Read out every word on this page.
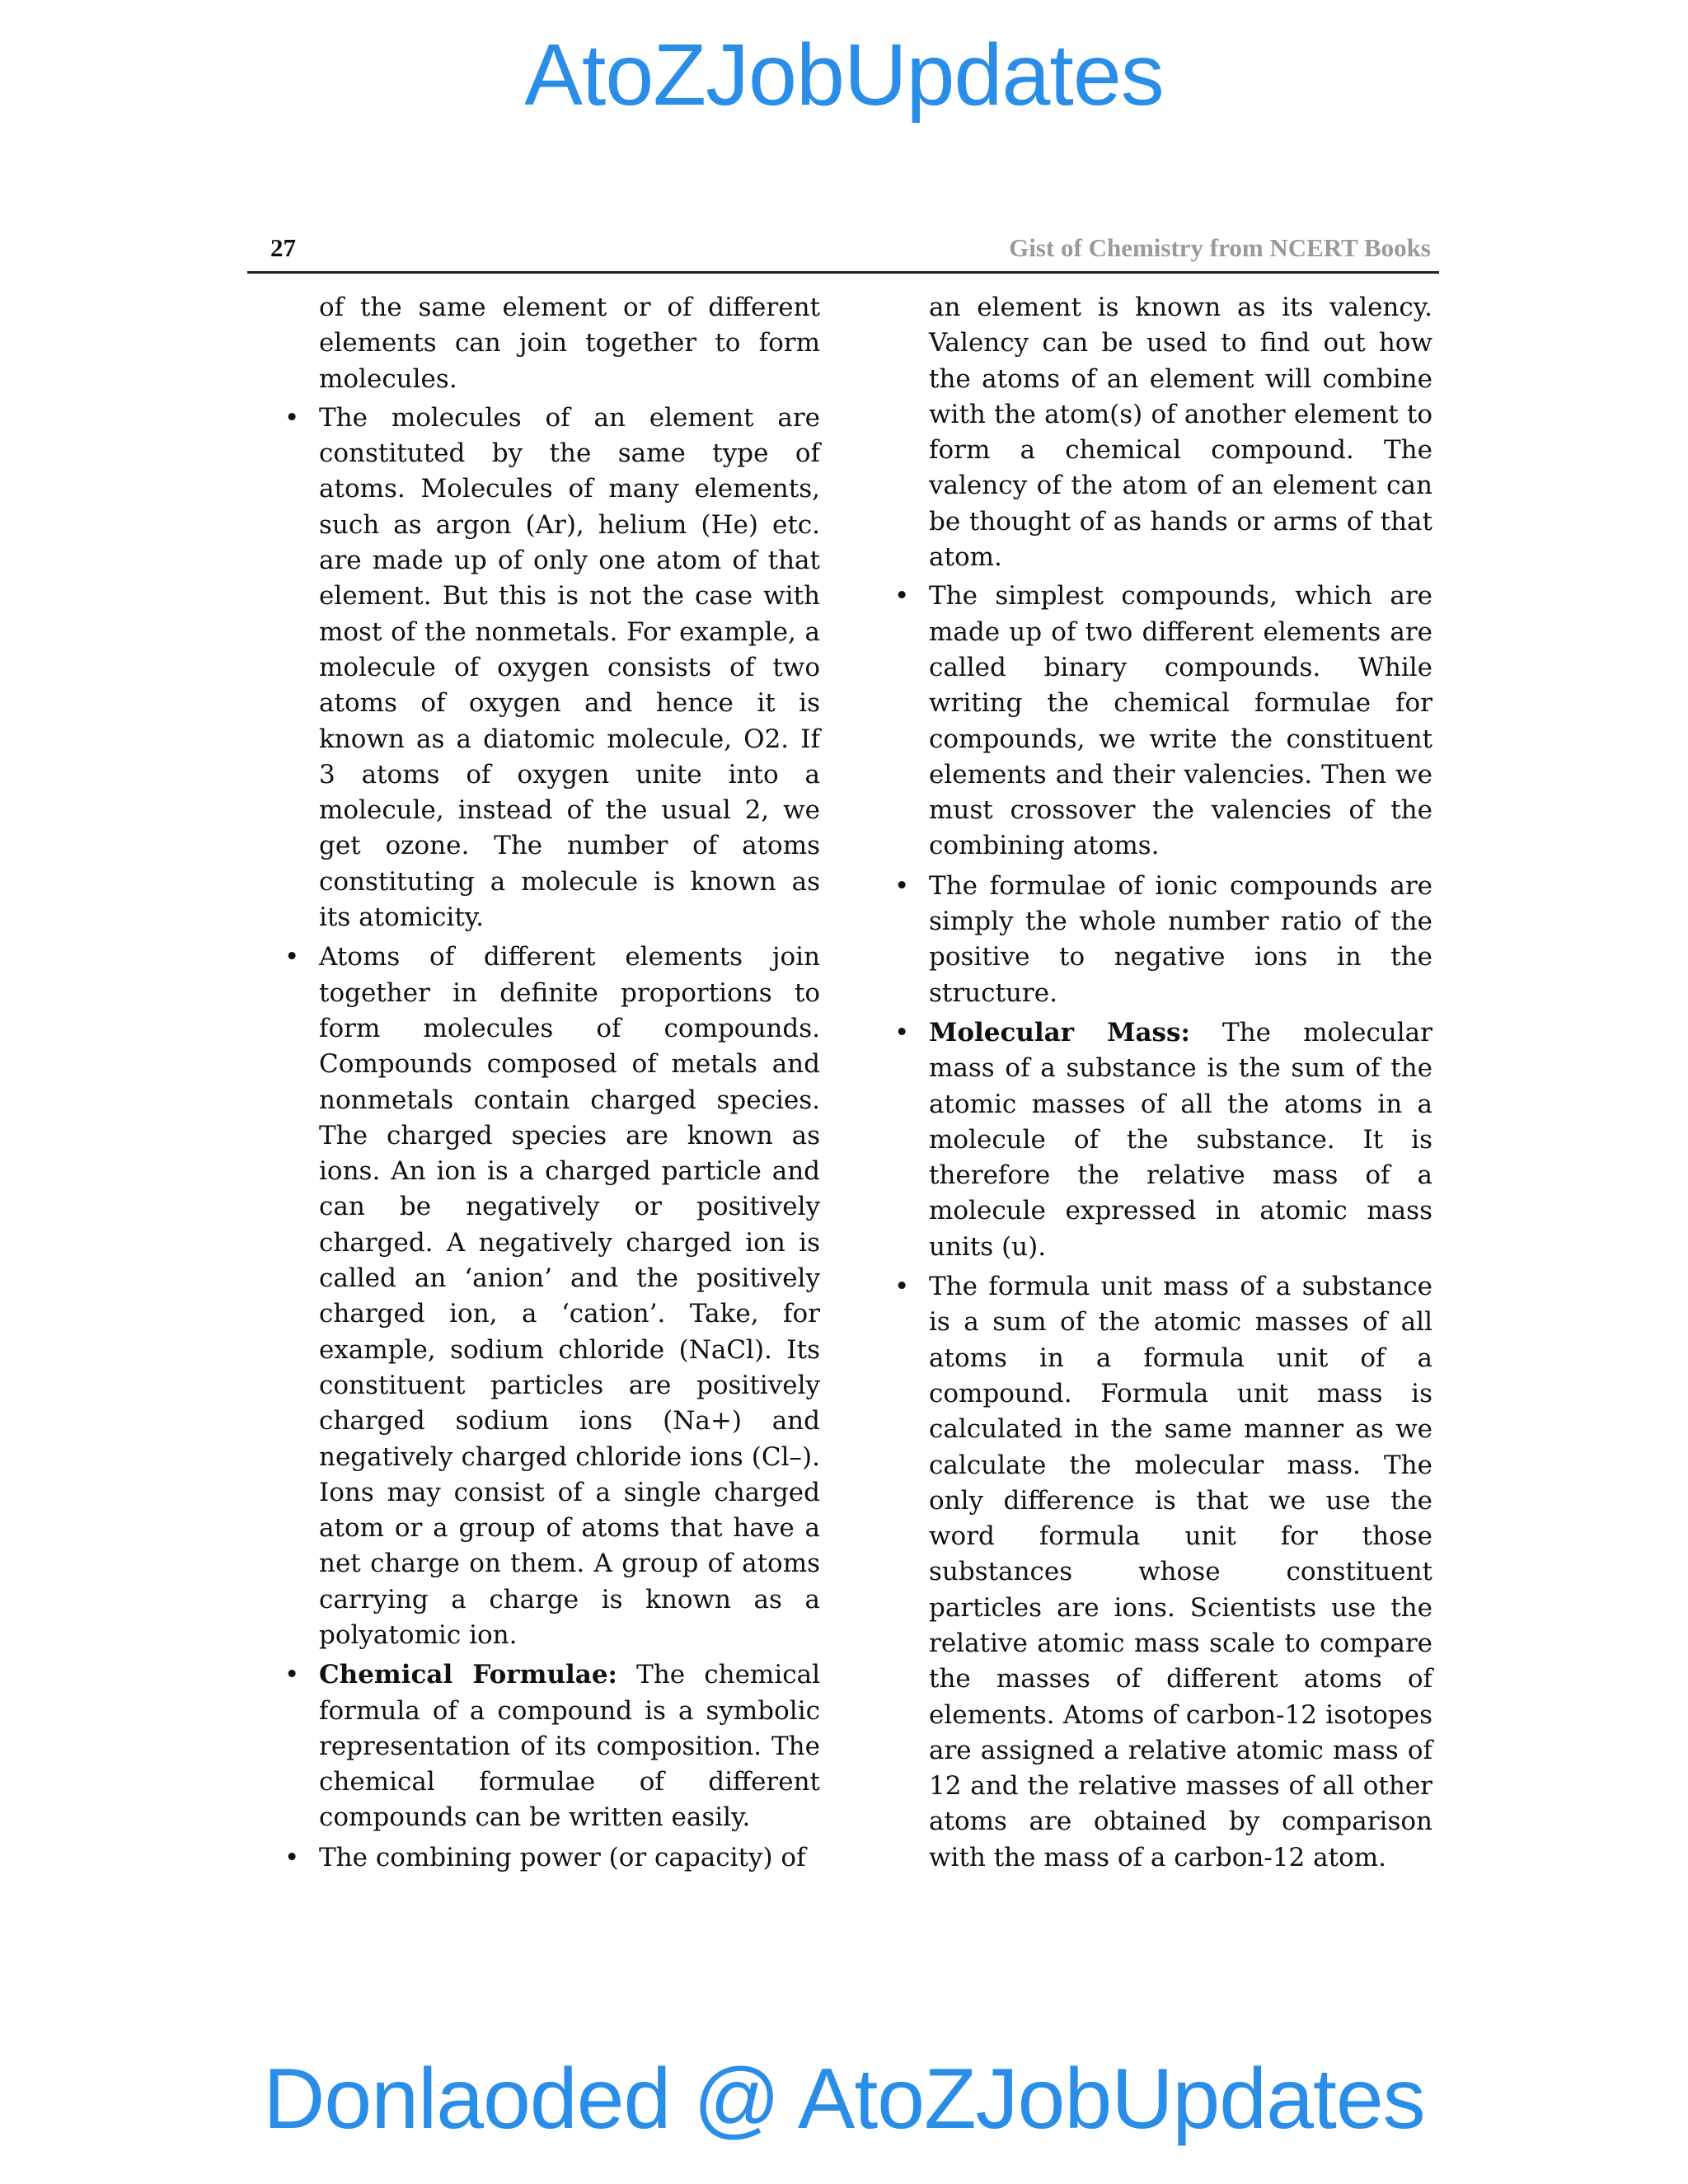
AtoZJobUpdates
27	Gist of Chemistry from NCERT Books

of the same element or of different elements can join together to form molecules.

• The molecules of an element are constituted by the same type of atoms. Molecules of many elements, such as argon (Ar), helium (He) etc. are made up of only one atom of that element. But this is not the case with most of the nonmetals. For example, a molecule of oxygen consists of two atoms of oxygen and hence it is known as a diatomic molecule, O2. If 3 atoms of oxygen unite into a molecule, instead of the usual 2, we get ozone. The number of atoms constituting a molecule is known as its atomicity.
• Atoms of different elements join together in definite proportions to form molecules of compounds. Compounds composed of metals and nonmetals contain charged species. The charged species are known as ions. An ion is a charged particle and can be negatively or positively charged. A negatively charged ion is called an ‘anion’ and the positively charged ion, a ‘cation’. Take, for example, sodium chloride (NaCl). Its constituent particles are positively charged sodium ions (Na+) and negatively charged chloride ions (Cl–). Ions may consist of a single charged atom or a group of atoms that have a net charge on them. A group of atoms carrying a charge is known as a polyatomic ion.
• Chemical Formulae: The chemical formula of a compound is a symbolic representation of its composition. The chemical formulae of different compounds can be written easily.
• The combining power (or capacity) of

an element is known as its valency. Valency can be used to find out how the atoms of an element will combine with the atom(s) of another element to form a chemical compound. The valency of the atom of an element can be thought of as hands or arms of that atom.

• The simplest compounds, which are made up of two different elements are called binary compounds. While writing the chemical formulae for compounds, we write the constituent elements and their valencies. Then we must crossover the valencies of the combining atoms.
• The formulae of ionic compounds are simply the whole number ratio of the positive to negative ions in the structure.
• Molecular Mass: The molecular mass of a substance is the sum of the atomic masses of all the atoms in a molecule of the substance. It is therefore the relative mass of a molecule expressed in atomic mass units (u).
• The formula unit mass of a substance is a sum of the atomic masses of all atoms in a formula unit of a compound. Formula unit mass is calculated in the same manner as we calculate the molecular mass. The only difference is that we use the word formula unit for those substances whose constituent particles are ions. Scientists use the relative atomic mass scale to compare the masses of different atoms of elements. Atoms of carbon-12 isotopes are assigned a relative atomic mass of 12 and the relative masses of all other atoms are obtained by comparison with the mass of a carbon-12 atom.
Donlaoded @ AtoZJobUpdates
